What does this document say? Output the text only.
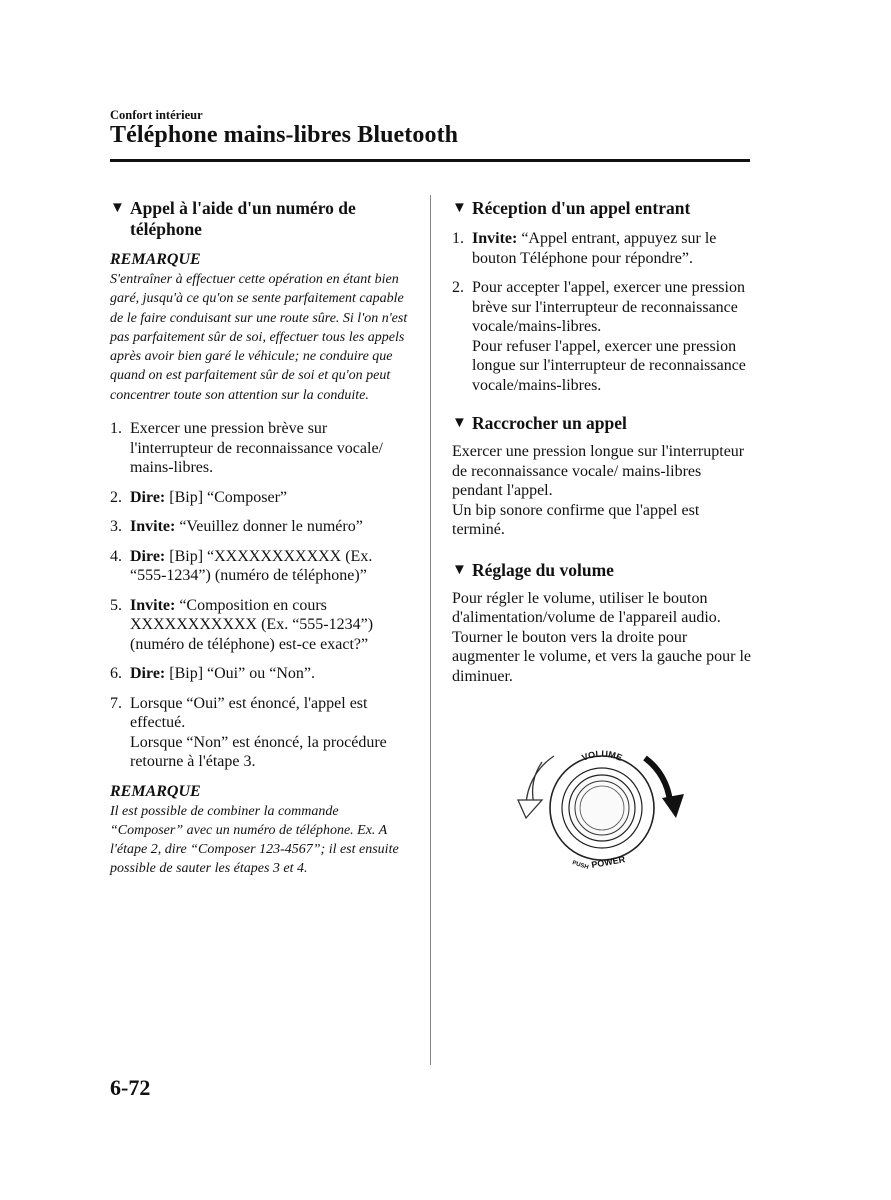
Confort intérieur
Téléphone mains-libres Bluetooth
▼ Appel à l'aide d'un numéro de téléphone
REMARQUE
S'entraîner à effectuer cette opération en étant bien garé, jusqu'à ce qu'on se sente parfaitement capable de le faire conduisant sur une route sûre. Si l'on n'est pas parfaitement sûr de soi, effectuer tous les appels après avoir bien garé le véhicule; ne conduire que quand on est parfaitement sûr de soi et qu'on peut concentrer toute son attention sur la conduite.
1. Exercer une pression brève sur l'interrupteur de reconnaissance vocale/ mains-libres.
2. Dire: [Bip] “Composer”
3. Invite: “Veuillez donner le numéro”
4. Dire: [Bip] “XXXXXXXXXXX (Ex. “555-1234”) (numéro de téléphone)”
5. Invite: “Composition en cours XXXXXXXXXXX (Ex. “555-1234”) (numéro de téléphone) est-ce exact?”
6. Dire: [Bip] “Oui” ou “Non”.
7. Lorsque “Oui” est énoncé, l'appel est effectué.
Lorsque “Non” est énoncé, la procédure retourne à l'étape 3.
REMARQUE
Il est possible de combiner la commande “Composer” avec un numéro de téléphone. Ex. A l'étape 2, dire “Composer 123-4567”; il est ensuite possible de sauter les étapes 3 et 4.
▼ Réception d'un appel entrant
1. Invite: “Appel entrant, appuyez sur le bouton Téléphone pour répondre”.
2. Pour accepter l'appel, exercer une pression brève sur l'interrupteur de reconnaissance vocale/mains-libres.
Pour refuser l'appel, exercer une pression longue sur l'interrupteur de reconnaissance vocale/mains-libres.
▼ Raccrocher un appel
Exercer une pression longue sur l'interrupteur de reconnaissance vocale/ mains-libres pendant l'appel.
Un bip sonore confirme que l'appel est terminé.
▼ Réglage du volume
Pour régler le volume, utiliser le bouton d'alimentation/volume de l'appareil audio. Tourner le bouton vers la droite pour augmenter le volume, et vers la gauche pour le diminuer.
VOLUME
PUSH POWER
6-72
